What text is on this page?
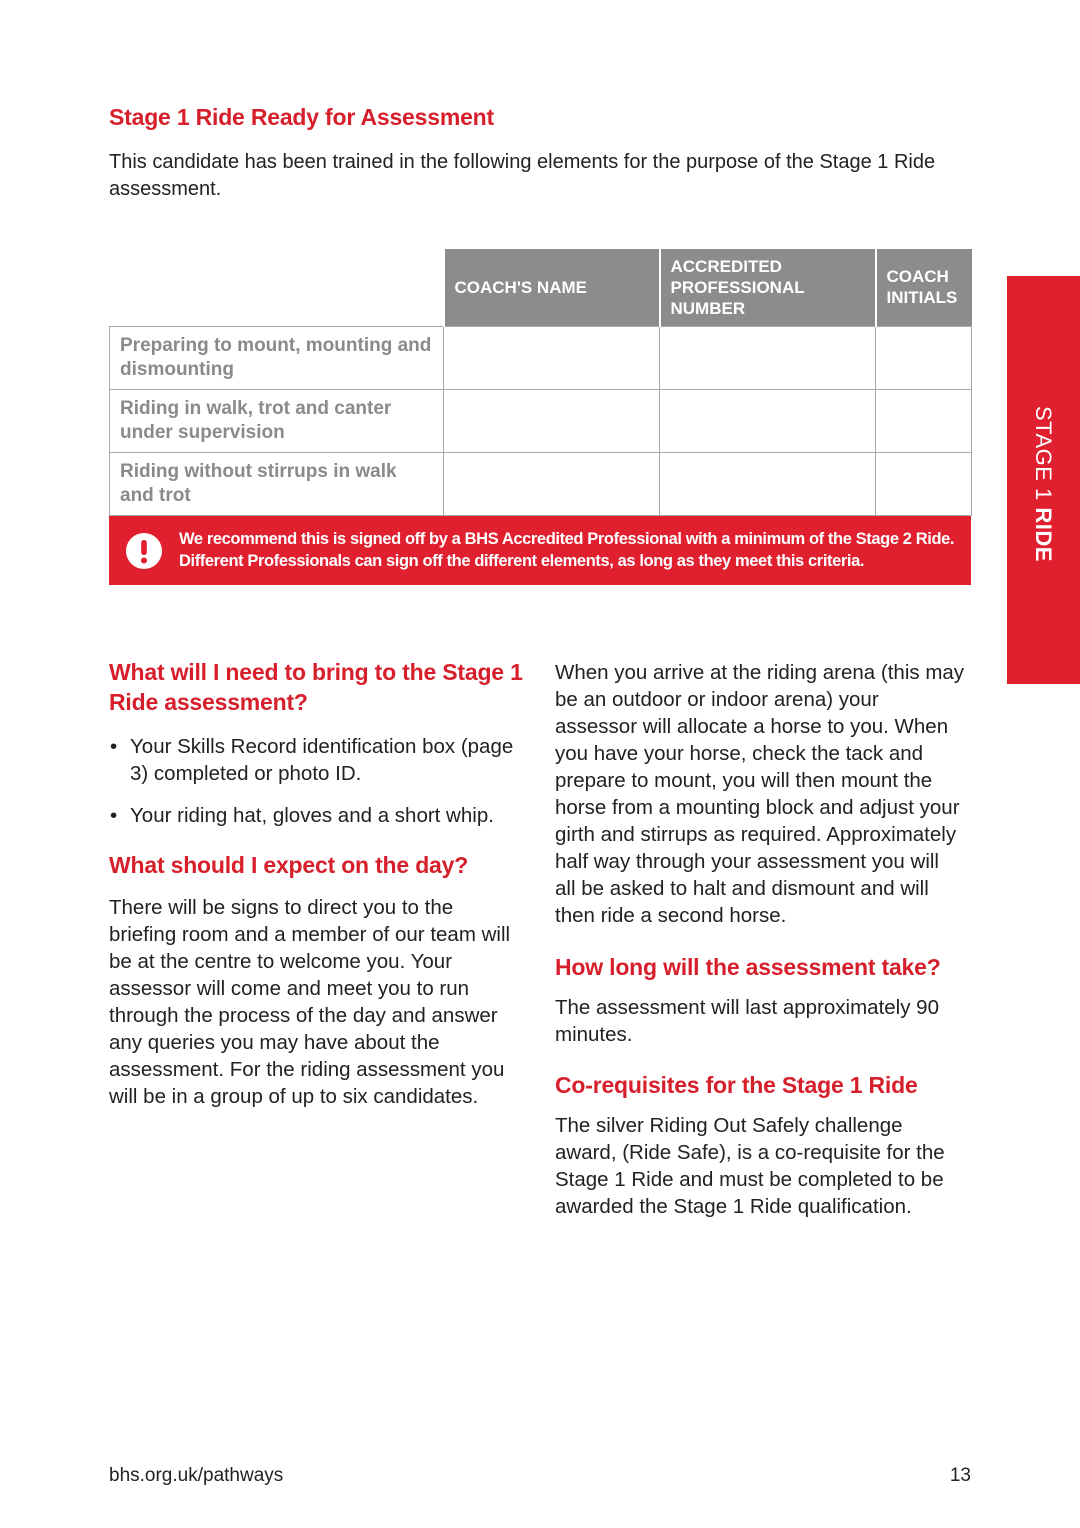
Stage 1 Ride Ready for Assessment

This candidate has been trained in the following elements for the purpose of the Stage 1 Ride assessment.

	COACH'S NAME	ACCREDITED PROFESSIONAL NUMBER	COACH INITIALS
Preparing to mount, mounting and dismounting			
Riding in walk, trot and canter under supervision			
Riding without stirrups in walk and trot			
We recommend this is signed off by a BHS Accredited Professional with a minimum of the Stage 2 Ride. Different Professionals can sign off the different elements, as long as they meet this criteria.
STAGE 1 RIDE
What will I need to bring to the Stage 1 Ride assessment?
• Your Skills Record identification box (page 3) completed or photo ID.
• Your riding hat, gloves and a short whip.
What should I expect on the day?

There will be signs to direct you to the briefing room and a member of our team will be at the centre to welcome you. Your assessor will come and meet you to run through the process of the day and answer any queries you may have about the assessment. For the riding assessment you will be in a group of up to six candidates.

When you arrive at the riding arena (this may be an outdoor or indoor arena) your assessor will allocate a horse to you. When you have your horse, check the tack and prepare to mount, you will then mount the horse from a mounting block and adjust your girth and stirrups as required. Approximately half way through your assessment you will all be asked to halt and dismount and will then ride a second horse.

How long will the assessment take?

The assessment will last approximately 90 minutes.

Co-requisites for the Stage 1 Ride

The silver Riding Out Safely challenge award, (Ride Safe), is a co-requisite for the Stage 1 Ride and must be completed to be awarded the Stage 1 Ride qualification.

bhs.org.uk/pathways	13
